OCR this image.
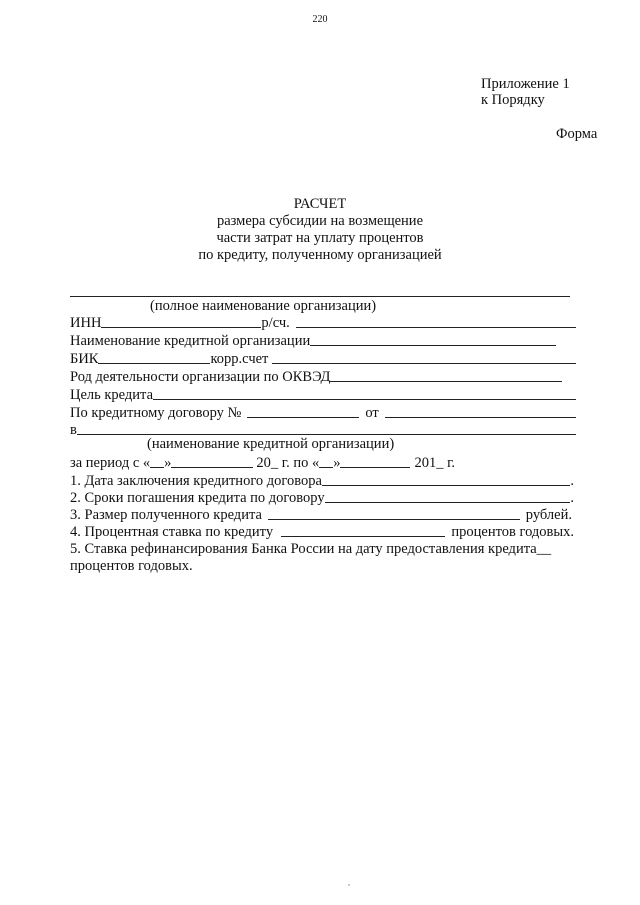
220
Приложение 1
к Порядку
Форма
РАСЧЕТ
размера субсидии на возмещение
части затрат на уплату процентов
по кредиту, полученному организацией
(полное наименование организации)
ИНН	р/сч.
Наименование кредитной организации
БИК	корр.счет
Род деятельности организации по ОКВЭД
Цель кредита
По кредитному договору №	от
в
(наименование кредитной организации)
за период с « »	20_ г. по « »	201_ г.
1. Дата заключения кредитного договора	.
2. Сроки погашения кредита по договору	.
3. Размер полученного кредита	рублей.
4. Процентная ставка по кредиту	процентов годовых.
5. Ставка рефинансирования Банка России на дату предоставления кредита__
процентов годовых.
